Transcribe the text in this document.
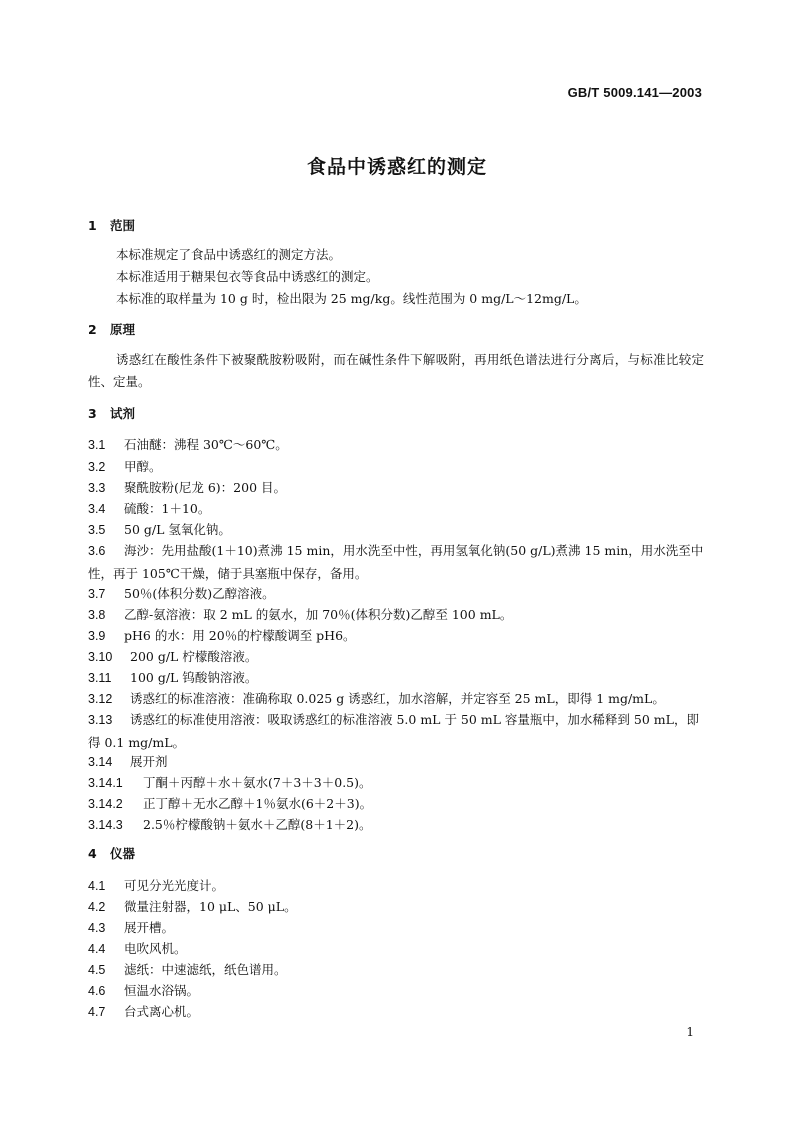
GB/T 5009.141—2003
食品中诱惑红的测定
1 范围
本标准规定了食品中诱惑红的测定方法。
本标准适用于糖果包衣等食品中诱惑红的测定。
本标准的取样量为 10 g 时，检出限为 25 mg/kg。线性范围为 0 mg/L～12mg/L。
2 原理
诱惑红在酸性条件下被聚酰胺粉吸附，而在碱性条件下解吸附，再用纸色谱法进行分离后，与标准比较定性、定量。
3 试剂
3.1 石油醚：沸程 30℃～60℃。
3.2 甲醇。
3.3 聚酰胺粉(尼龙 6)：200 目。
3.4 硫酸：1＋10。
3.5 50 g/L 氢氧化钠。
3.6 海沙：先用盐酸(1＋10)煮沸 15 min，用水洗至中性，再用氢氧化钠(50 g/L)煮沸 15 min，用水洗至中性，再于 105℃干燥，储于具塞瓶中保存，备用。
3.7 50％(体积分数)乙醇溶液。
3.8 乙醇-氨溶液：取 2 mL 的氨水，加 70％(体积分数)乙醇至 100 mL。
3.9 pH6 的水：用 20％的柠檬酸调至 pH6。
3.10 200 g/L 柠檬酸溶液。
3.11 100 g/L 钨酸钠溶液。
3.12 诱惑红的标准溶液：准确称取 0.025 g 诱惑红，加水溶解，并定容至 25 mL，即得 1 mg/mL。
3.13 诱惑红的标准使用溶液：吸取诱惑红的标准溶液 5.0 mL 于 50 mL 容量瓶中，加水稀释到 50 mL，即得 0.1 mg/mL。
3.14 展开剂
3.14.1 丁酮＋丙醇＋水＋氨水(7＋3＋3＋0.5)。
3.14.2 正丁醇＋无水乙醇＋1％氨水(6＋2＋3)。
3.14.3 2.5％柠檬酸钠＋氨水＋乙醇(8＋1＋2)。
4 仪器
4.1 可见分光光度计。
4.2 微量注射器，10 μL、50 μL。
4.3 展开槽。
4.4 电吹风机。
4.5 滤纸：中速滤纸，纸色谱用。
4.6 恒温水浴锅。
4.7 台式离心机。
1
